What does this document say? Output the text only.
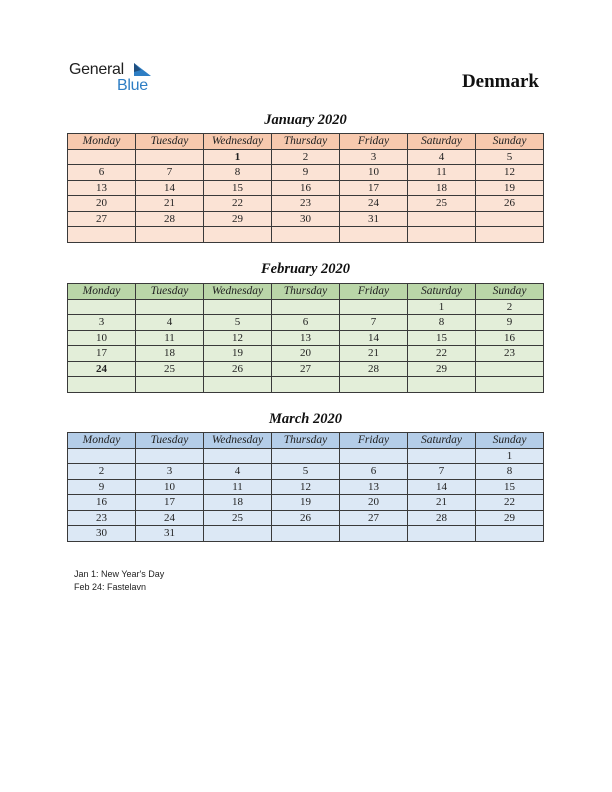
General
Blue	Denmark
January 2020
Monday	Tuesday	Wednesday	Thursday	Friday	Saturday	Sunday
		1	2	3	4	5
6	7	8	9	10	11	12
13	14	15	16	17	18	19
20	21	22	23	24	25	26
27	28	29	30	31		

February 2020
Monday	Tuesday	Wednesday	Thursday	Friday	Saturday	Sunday
					1	2
3	4	5	6	7	8	9
10	11	12	13	14	15	16
17	18	19	20	21	22	23
24	25	26	27	28	29	

March 2020
Monday	Tuesday	Wednesday	Thursday	Friday	Saturday	Sunday
						1
2	3	4	5	6	7	8
9	10	11	12	13	14	15
16	17	18	19	20	21	22
23	24	25	26	27	28	29
30	31					
Jan 1: New Year's Day
Feb 24: Fastelavn
